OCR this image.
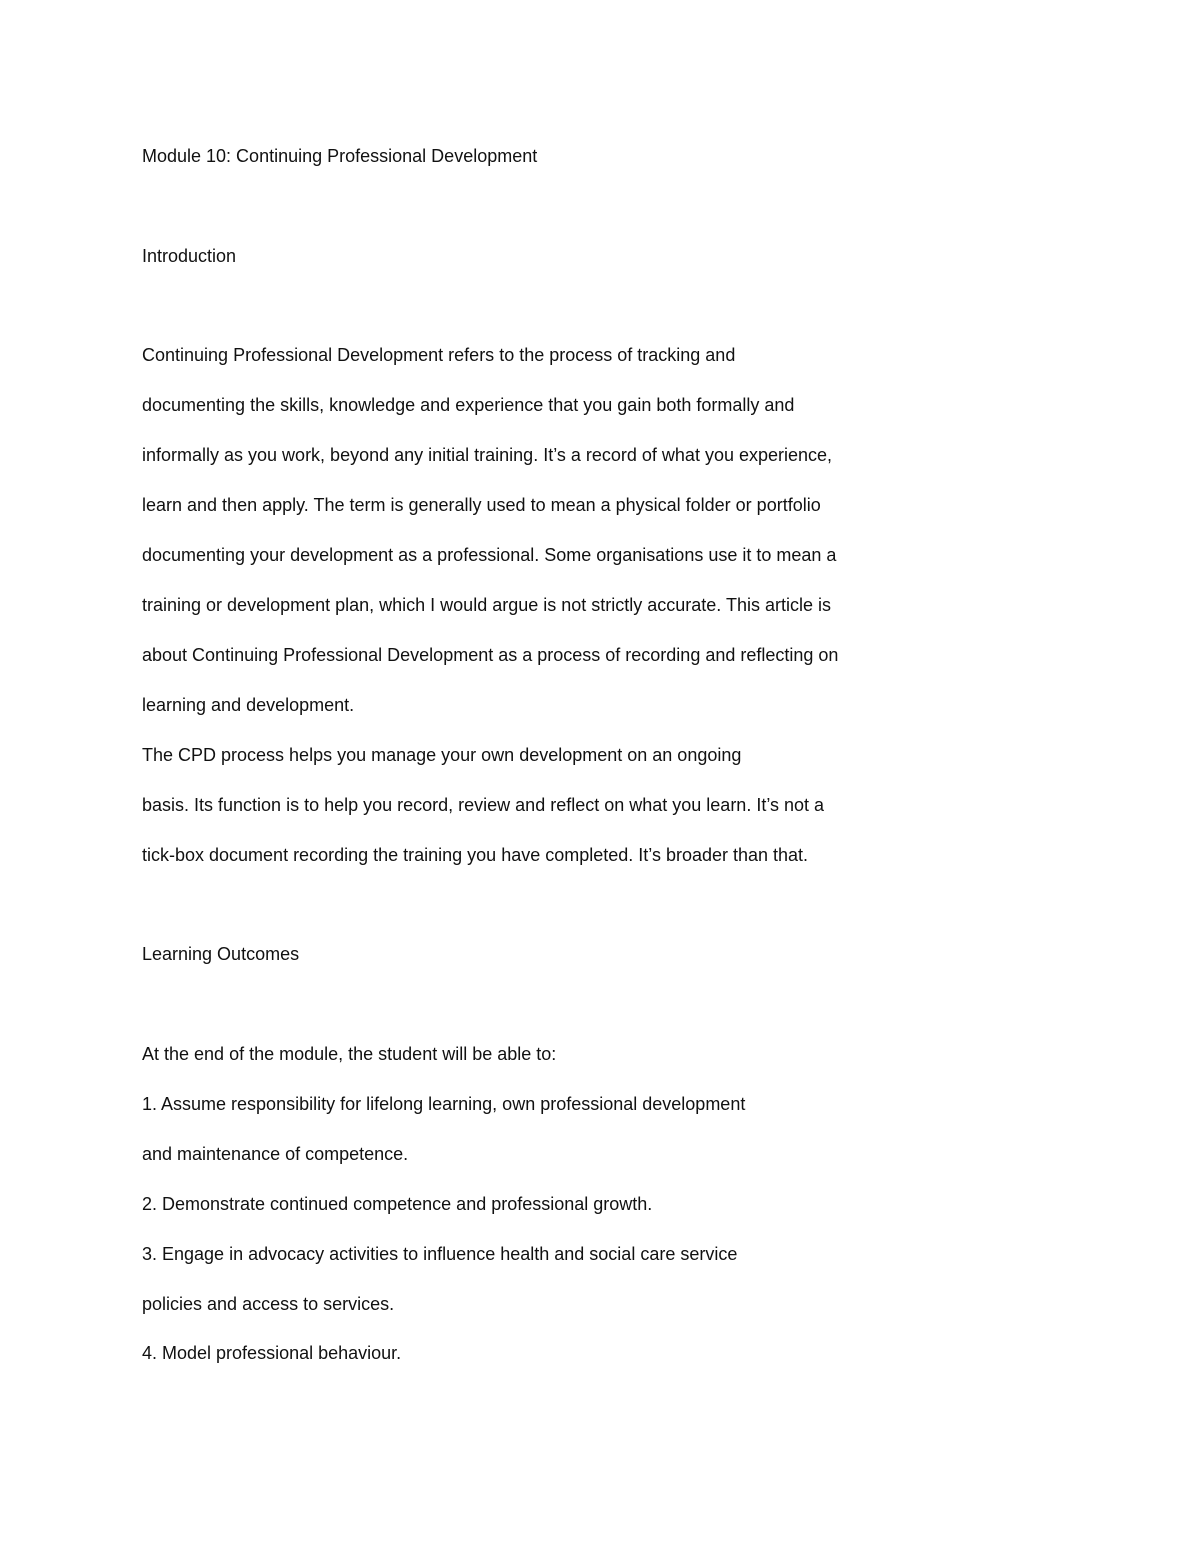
Module 10: Continuing Professional Development
Introduction
Continuing Professional Development refers to the process of tracking and
documenting the skills, knowledge and experience that you gain both formally and
informally as you work, beyond any initial training. It’s a record of what you experience,
learn and then apply. The term is generally used to mean a physical folder or portfolio
documenting your development as a professional. Some organisations use it to mean a
training or development plan, which I would argue is not strictly accurate. This article is
about Continuing Professional Development as a process of recording and reflecting on
learning and development.
The CPD process helps you manage your own development on an ongoing
basis. Its function is to help you record, review and reflect on what you learn. It’s not a
tick-box document recording the training you have completed. It’s broader than that.
Learning Outcomes
At the end of the module, the student will be able to:
1. Assume responsibility for lifelong learning, own professional development
and maintenance of competence.
2. Demonstrate continued competence and professional growth.
3. Engage in advocacy activities to influence health and social care service
policies and access to services.
4. Model professional behaviour.
